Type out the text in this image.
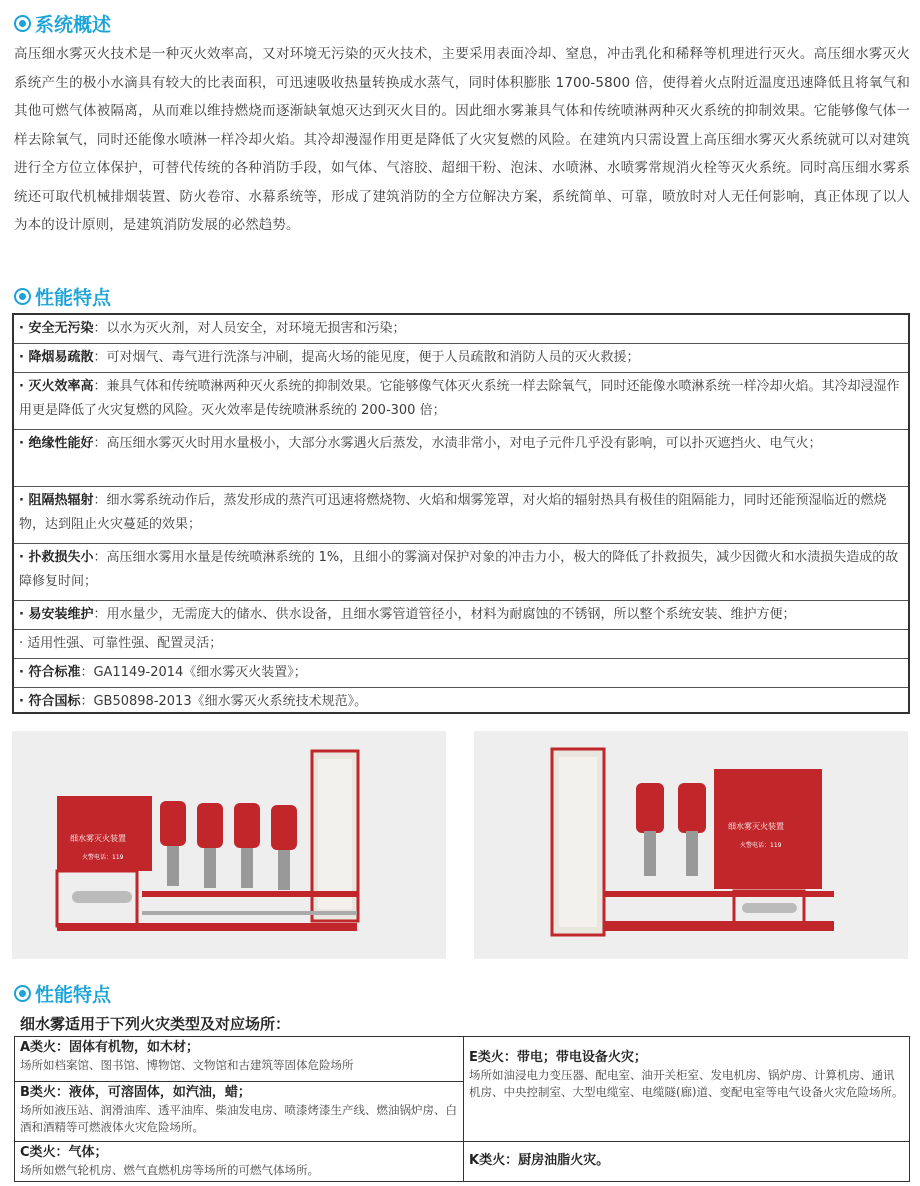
系统概述

高压细水雾灭火技术是一种灭火效率高，又对环境无污染的灭火技术，主要采用表面冷却、窒息，冲击乳化和稀释等机理进行灭火。高压细水雾灭火系统产生的极小水滴具有较大的比表面积，可迅速吸收热量转换成水蒸气，同时体积膨胀 1700-5800 倍，使得着火点附近温度迅速降低且将氧气和其他可燃气体被隔离，从而难以维持燃烧而逐渐缺氧熄灭达到灭火目的。因此细水雾兼具气体和传统喷淋两种灭火系统的抑制效果。它能够像气体一样去除氧气，同时还能像水喷淋一样冷却火焰。其冷却漫湿作用更是降低了火灾复燃的风险。在建筑内只需设置上高压细水雾灭火系统就可以对建筑进行全方位立体保护，可替代传统的各种消防手段，如气体、气溶胶、超细干粉、泡沫、水喷淋、水喷雾常规消火栓等灭火系统。同时高压细水雾系统还可取代机械排烟装置、防火卷帘、水幕系统等，形成了建筑消防的全方位解决方案，系统简单、可靠，喷放时对人无任何影响，真正体现了以人为本的设计原则，是建筑消防发展的必然趋势。

性能特点
· 安全无污染：以水为灭火剂，对人员安全，对环境无损害和污染；
· 降烟易疏散：可对烟气、毒气进行洗涤与冲刷，提高火场的能见度，便于人员疏散和消防人员的灭火救援；
· 灭火效率高：兼具气体和传统喷淋两种灭火系统的抑制效果。它能够像气体灭火系统一样去除氧气，同时还能像水喷淋系统一样冷却火焰。其冷却浸湿作用更是降低了火灾复燃的风险。灭火效率是传统喷淋系统的 200-300 倍；
· 绝缘性能好：高压细水雾灭火时用水量极小，大部分水雾遇火后蒸发，水渍非常小，对电子元件几乎没有影响，可以扑灭遮挡火、电气火；
· 阻隔热辐射：细水雾系统动作后，蒸发形成的蒸汽可迅速将燃烧物、火焰和烟雾笼罩，对火焰的辐射热具有极佳的阻隔能力，同时还能预湿临近的燃烧物，达到阻止火灾蔓延的效果；
· 扑救损失小：高压细水雾用水量是传统喷淋系统的 1%，且细小的雾滴对保护对象的冲击力小，极大的降低了扑救损失，减少因微火和水渍损失造成的故障修复时间；
· 易安装维护：用水量少，无需庞大的储水、供水设备，且细水雾管道管径小，材料为耐腐蚀的不锈钢，所以整个系统安装、维护方便；
· 适用性强、可靠性强、配置灵活；
· 符合标准：GA1149-2014《细水雾灭火装置》；
· 符合国标：GB50898-2013《细水雾灭火系统技术规范》。
细水雾灭火装置
火警电话：119
细水雾灭火装置
火警电话：119
性能特点
细水雾适用于下列火灾类型及对应场所：
A类火：固体有机物，如木材；
场所如档案馆、图书馆、博物馆、文物馆和古建筑等固体危险场所
B类火：液体，可溶固体，如汽油，蜡；
场所如液压站、润滑油库、透平油库、柴油发电房、喷漆烤漆生产线、燃油锅炉房、白酒和酒精等可燃液体火灾危险场所。
C类火：气体；
场所如燃气轮机房、燃气直燃机房等场所的可燃气体场所。
E类火：带电；带电设备火灾；
场所如油浸电力变压器、配电室、油开关柜室、发电机房、锅炉房、计算机房、通讯机房、中央控制室、大型电缆室、电缆隧(廊)道、变配电室等电气设备火灾危险场所。
K类火：厨房油脂火灾。
